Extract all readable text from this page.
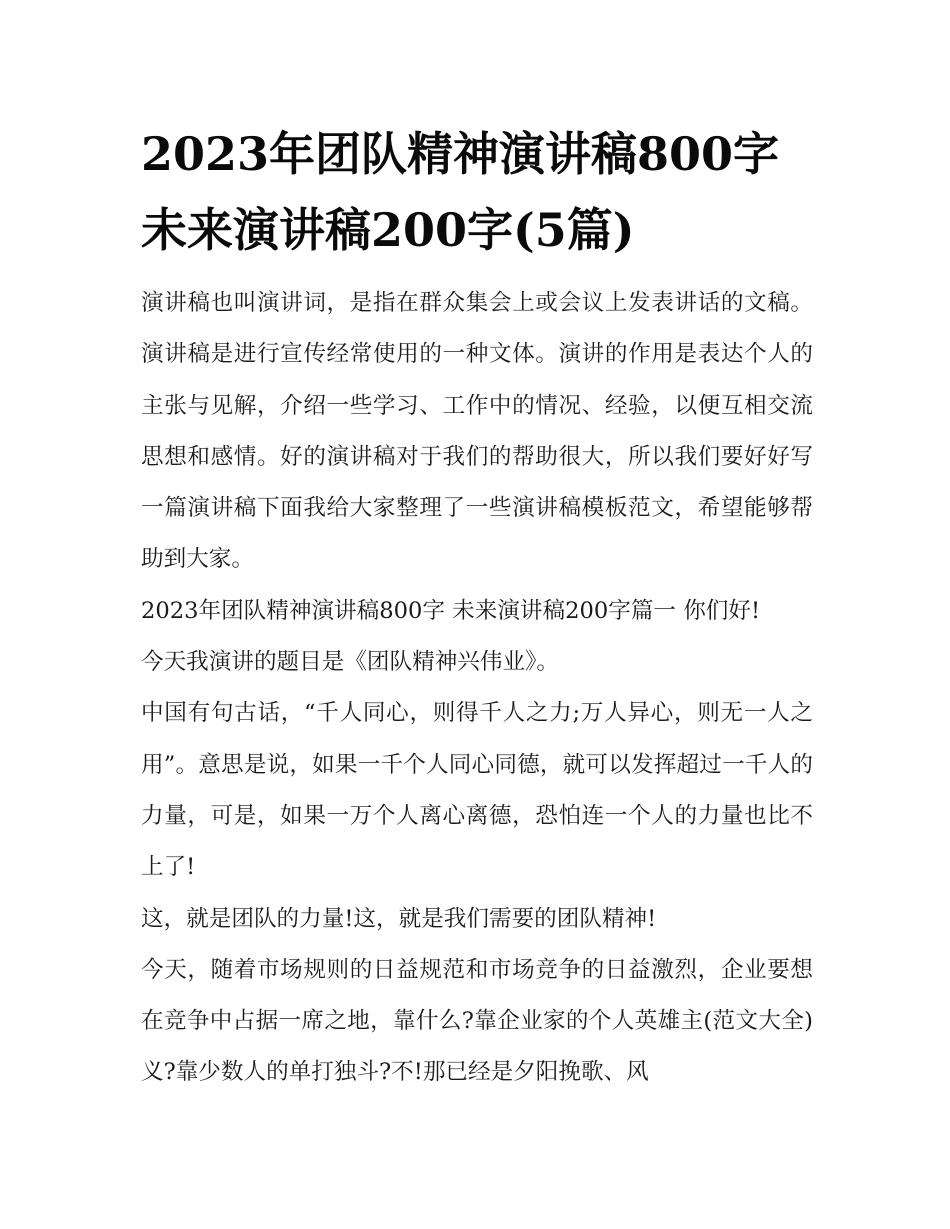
2023年团队精神演讲稿800字
未来演讲稿200字(5篇)

演讲稿也叫演讲词，是指在群众集会上或会议上发表讲话的文稿。演讲稿是进行宣传经常使用的一种文体。演讲的作用是表达个人的主张与见解，介绍一些学习、工作中的情况、经验，以便互相交流思想和感情。好的演讲稿对于我们的帮助很大，所以我们要好好写一篇演讲稿下面我给大家整理了一些演讲稿模板范文，希望能够帮助到大家。

2023年团队精神演讲稿800字 未来演讲稿200字篇一 你们好!

今天我演讲的题目是《团队精神兴伟业》。

中国有句古话，“千人同心，则得千人之力;万人异心，则无一人之用”。意思是说，如果一千个人同心同德，就可以发挥超过一千人的力量，可是，如果一万个人离心离德，恐怕连一个人的力量也比不上了!

这，就是团队的力量!这，就是我们需要的团队精神!

今天，随着市场规则的日益规范和市场竞争的日益激烈，企业要想在竞争中占据一席之地，靠什么?靠企业家的个人英雄主(范文大全)义?靠少数人的单打独斗?不!那已经是夕阳挽歌、风
